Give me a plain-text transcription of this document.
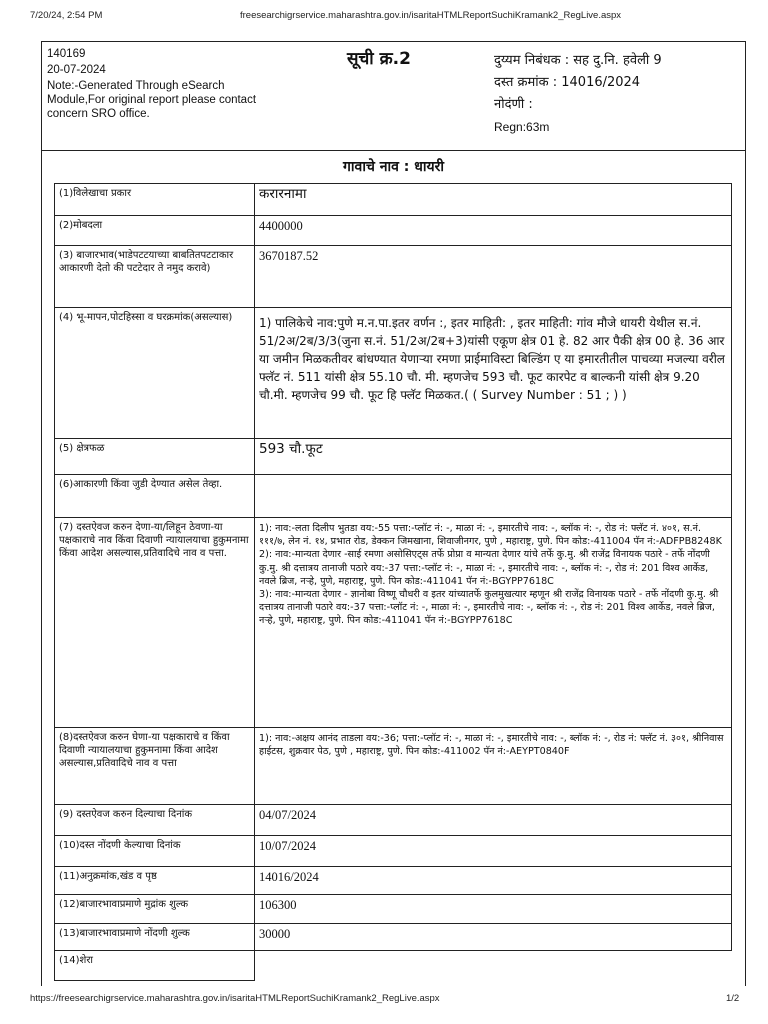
7/20/24, 2:54 PM	freesearchigrservice.maharashtra.gov.in/isaritaHTMLReportSuchiKramank2_RegLive.aspx
140169
20-07-2024
Note:-Generated Through eSearch Module,For original report please contact concern SRO office.
सूची क्र.2	दुय्यम निबंधक : सह दु.नि. हवेली 9
दस्त क्रमांक : 14016/2024
नोदंणी :
Regn:63m
गावाचे नाव : धायरी
(1)विलेखाचा प्रकार	करारनामा
(2)मोबदला	4400000
(3) बाजारभाव(भाडेपटटयाच्या बाबतितपटटाकार आकारणी देतो की पटटेदार ते नमुद करावे)	3670187.52
(4) भू-मापन,पोटहिस्सा व घरक्रमांक(असल्यास)	1) पालिकेचे नाव:पुणे म.न.पा.इतर वर्णन :, इतर माहिती: , इतर माहिती: गांव मौजे धायरी येथील स.नं. 51/2अ/2ब/3/3(जुना स.नं. 51/2अ/2ब+3)यांसी एकूण क्षेत्र 01 हे. 82 आर पैकी क्षेत्र 00 हे. 36 आर या जमीन मिळकतीवर बांधण्यात येणाऱ्या रमणा प्राईमाविस्टा बिल्डिंग ए या इमारतीतील पाचव्या मजल्या वरील फ्लॅट नं. 511 यांसी क्षेत्र 55.10 चौ. मी. म्हणजेच 593 चौ. फूट कारपेट व बाल्कनी यांसी क्षेत्र 9.20 चौ.मी. म्हणजेच 99 चौ. फूट हि फ्लॅट मिळकत.( ( Survey Number : 51 ; ) )
(5) क्षेत्रफळ	593 चौ.फूट
(6)आकारणी किंवा जुडी देण्यात असेल तेव्हा.	
(7) दस्तऐवज करुन देणा-या/लिहून ठेवणा-या पक्षकाराचे नाव किंवा दिवाणी न्यायालयाचा हुकुमनामा किंवा आदेश असल्यास,प्रतिवादिचे नाव व पत्ता.	1): नाव:-लता दिलीप भुतडा वय:-55 पत्ता:-प्लॉट नं: -, माळा नं: -, इमारतीचे नाव: -, ब्लॉक नं: -, रोड नं: फ्लॅट नं. ४०१, स.नं. १११/७, लेन नं. १४, प्रभात रोड, डेक्कन जिमखाना, शिवाजीनगर, पुणे , महाराष्ट्र, पुणे. पिन कोड:-411004 पॅन नं:-ADFPB8248K
2): नाव:-मान्यता देणार -साई रमणा असोसिएट्स तर्फे प्रोप्रा व मान्यता देणार यांचे तर्फे कु.मु. श्री राजेंद्र विनायक पठारे - तर्फे नोंदणी कु.मु. श्री दत्तात्रय तानाजी पठारे वय:-37 पत्ता:-प्लॉट नं: -, माळा नं: -, इमारतीचे नाव: -, ब्लॉक नं: -, रोड नं: 201 विश्व आर्केड, नवले ब्रिज, नऱ्हे, पुणे, महाराष्ट्र, पुणे. पिन कोड:-411041 पॅन नं:-BGYPP7618C
3): नाव:-मान्यता देणार - ज्ञानोबा विष्णू चौधरी व इतर यांच्यातर्फे कुलमुखत्यार म्हणून श्री राजेंद्र विनायक पठारे - तर्फे नोंदणी कु.मु. श्री दत्तात्रय तानाजी पठारे वय:-37 पत्ता:-प्लॉट नं: -, माळा नं: -, इमारतीचे नाव: -, ब्लॉक नं: -, रोड नं: 201 विश्व आर्केड, नवले ब्रिज, नऱ्हे, पुणे, महाराष्ट्र, पुणे. पिन कोड:-411041 पॅन नं:-BGYPP7618C
(8)दस्तऐवज करुन घेणा-या पक्षकाराचे व किंवा दिवाणी न्यायालयाचा हुकुमनामा किंवा आदेश असल्यास,प्रतिवादिचे नाव व पत्ता	1): नाव:-अक्षय आनंद ताडला वय:-36; पत्ता:-प्लॉट नं: -, माळा नं: -, इमारतीचे नाव: -, ब्लॉक नं: -, रोड नं: फ्लॅट नं. ३०१, श्रीनिवास हाईटस, शुक्रवार पेठ, पुणे , महाराष्ट्र, पुणे. पिन कोड:-411002 पॅन नं:-AEYPT0840F
(9) दस्तऐवज करुन दिल्याचा दिनांक	04/07/2024
(10)दस्त नोंदणी केल्याचा दिनांक	10/07/2024
(11)अनुक्रमांक,खंड व पृष्ठ	14016/2024
(12)बाजारभावाप्रमाणे मुद्रांक शुल्क	106300
(13)बाजारभावाप्रमाणे नोंदणी शुल्क	30000
(14)शेरा	
https://freesearchigrservice.maharashtra.gov.in/isaritaHTMLReportSuchiKramank2_RegLive.aspx	1/2
